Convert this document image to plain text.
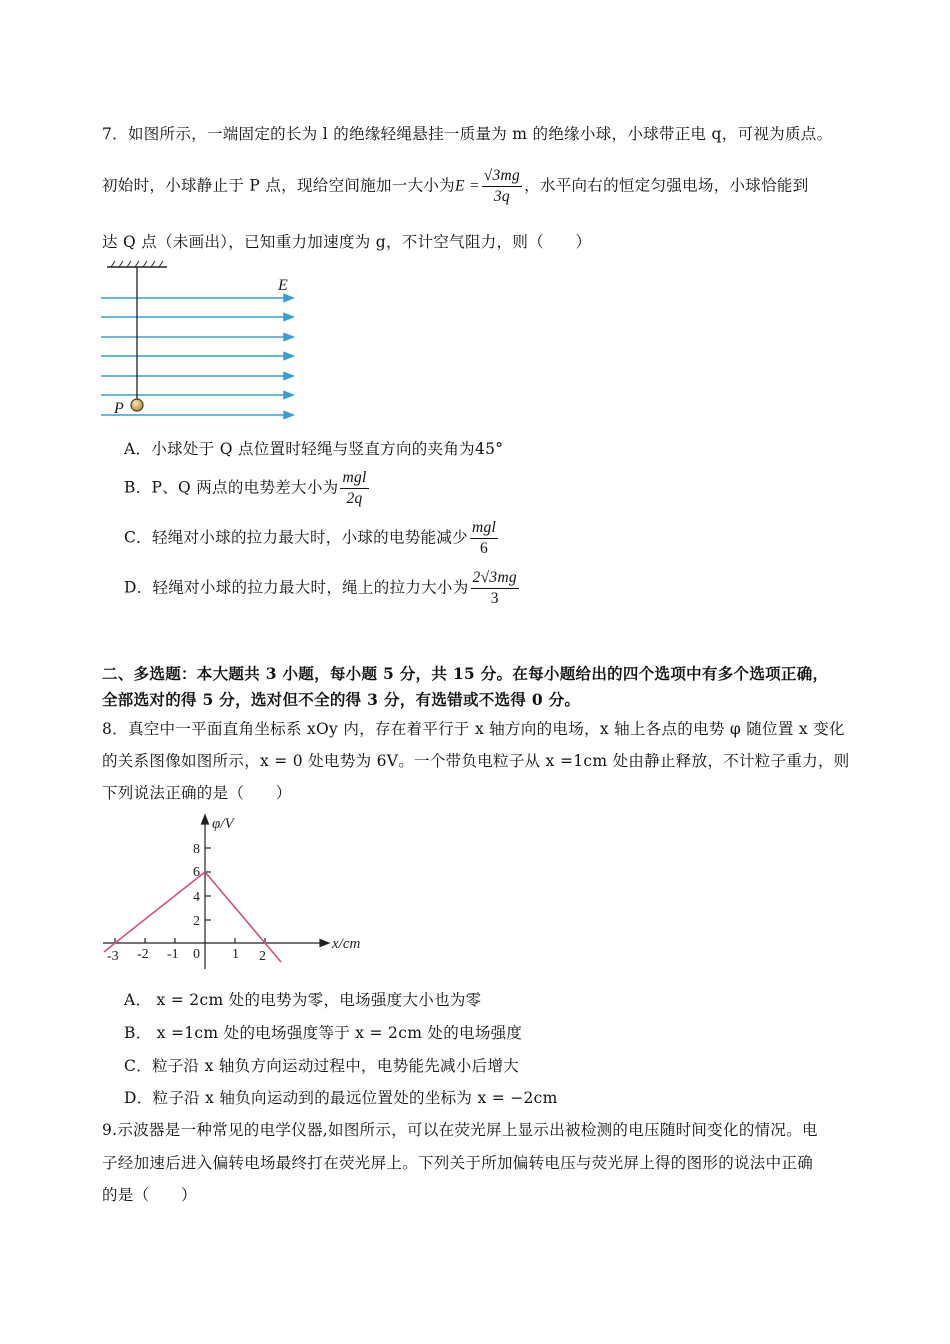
7．如图所示，一端固定的长为 l 的绝缘轻绳悬挂一质量为 m 的绝缘小球，小球带正电 q，可视为质点。
初始时，小球静止于 P 点，现给空间施加一大小为$E = \frac{√3mg}{3q}$ ，水平向右的恒定匀强电场，小球恰能到
达 Q 点（未画出），已知重力加速度为 g，不计空气阻力，则（　　）
E
P
A．小球处于 Q 点位置时轻绳与竖直方向的夹角为45°
B．P、Q 两点的电势差大小为 $\frac{\text{mgl}}{2q}$
C．轻绳对小球的拉力最大时，小球的电势能减少 $\frac{\text{mgl}}{6}$
D．轻绳对小球的拉力最大时，绳上的拉力大小为 $\frac{2√3mg}{3}$
二、多选题：本大题共 3 小题，每小题 5 分，共 15 分。在每小题给出的四个选项中有多个选项正确，
全部选对的得 5 分，选对但不全的得 3 分，有选错或不选得 0 分。
8．真空中一平面直角坐标系 xOy 内，存在着平行于 x 轴方向的电场，x 轴上各点的电势 φ 随位置 x 变化
的关系图像如图所示，x = 0 处电势为 6V。一个带负电粒子从 x =1cm 处由静止释放，不计粒子重力，则
下列说法正确的是（　　）
-3 -2 -1 0 1 2
2
4
6
8
φ/V
x/cm
A． x = 2cm 处的电势为零，电场强度大小也为零
B． x =1cm 处的电场强度等于 x = 2cm 处的电场强度
C．粒子沿 x 轴负方向运动过程中，电势能先减小后增大
D．粒子沿 x 轴负向运动到的最远位置处的坐标为 x = −2cm
9.示波器是一种常见的电学仪器,如图所示，可以在荧光屏上显示出被检测的电压随时间变化的情况。电
子经加速后进入偏转电场最终打在荧光屏上。下列关于所加偏转电压与荧光屏上得的图形的说法中正确
的是（　　）
